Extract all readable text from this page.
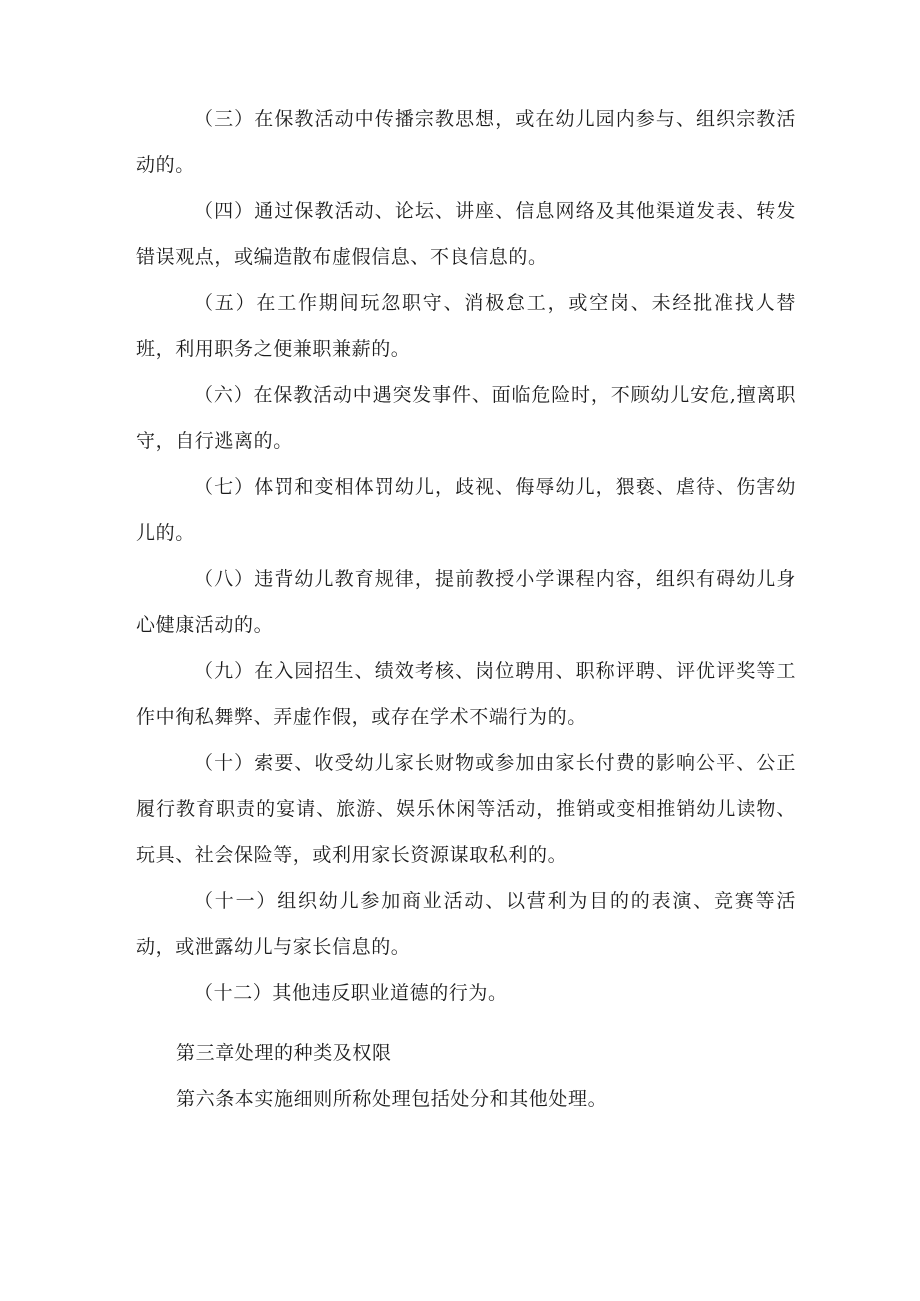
（三）在保教活动中传播宗教思想，或在幼儿园内参与、组织宗教活动的。

（四）通过保教活动、论坛、讲座、信息网络及其他渠道发表、转发错误观点，或编造散布虚假信息、不良信息的。

（五）在工作期间玩忽职守、消极怠工，或空岗、未经批准找人替班，利用职务之便兼职兼薪的。

（六）在保教活动中遇突发事件、面临危险时，不顾幼儿安危,擅离职守，自行逃离的。

（七）体罚和变相体罚幼儿，歧视、侮辱幼儿，猥亵、虐待、伤害幼儿的。

（八）违背幼儿教育规律，提前教授小学课程内容，组织有碍幼儿身心健康活动的。

（九）在入园招生、绩效考核、岗位聘用、职称评聘、评优评奖等工作中徇私舞弊、弄虚作假，或存在学术不端行为的。

（十）索要、收受幼儿家长财物或参加由家长付费的影响公平、公正履行教育职责的宴请、旅游、娱乐休闲等活动，推销或变相推销幼儿读物、玩具、社会保险等，或利用家长资源谋取私利的。

（十一）组织幼儿参加商业活动、以营利为目的的表演、竞赛等活动，或泄露幼儿与家长信息的。

（十二）其他违反职业道德的行为。

第三章处理的种类及权限

第六条本实施细则所称处理包括处分和其他处理。
